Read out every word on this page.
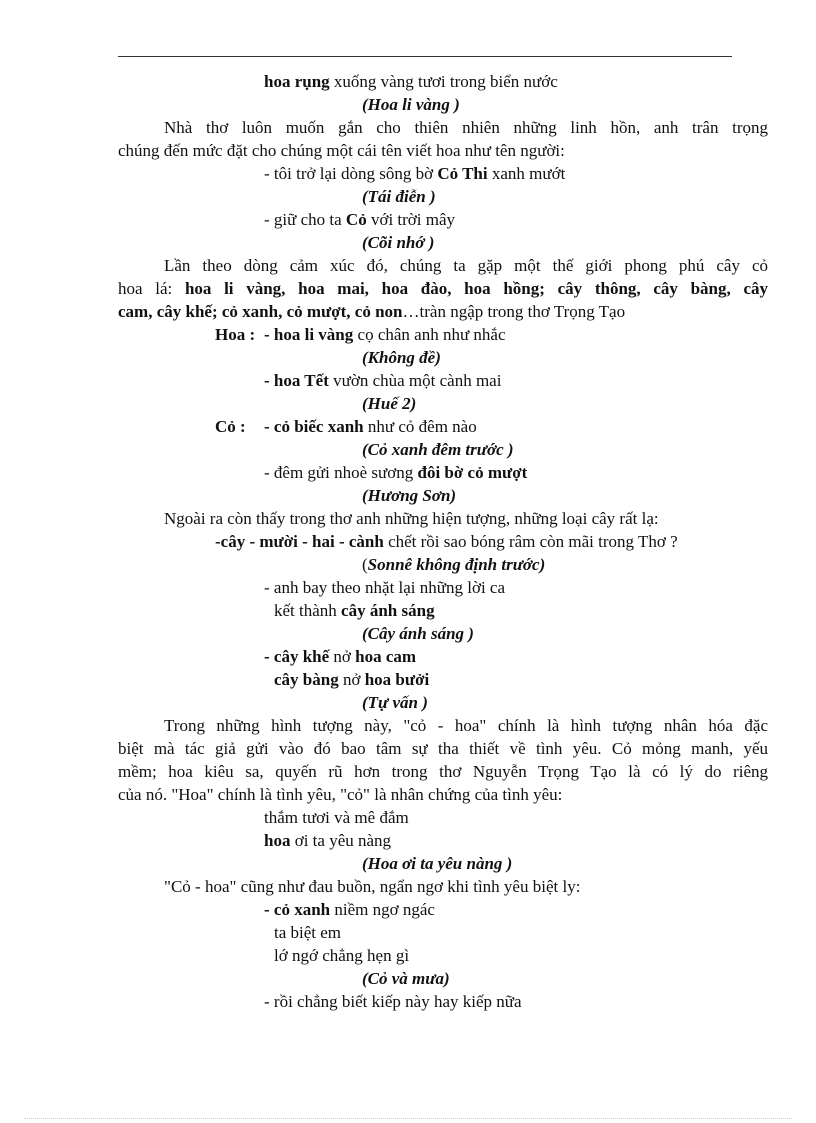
hoa rụng xuống vàng tươi trong biển nước
(Hoa li vàng )
Nhà thơ luôn muốn gắn cho thiên nhiên những linh hồn, anh trân trọng
chúng đến mức đặt cho chúng một cái tên viết hoa như tên người:
- tôi trở lại dòng sông bờ Cỏ Thi xanh mướt
(Tái điễn )
- giữ cho ta Cỏ với trời mây
(Cõi nhớ )
Lần theo dòng cảm xúc đó, chúng ta gặp một thế giới phong phú cây cỏ
hoa lá: hoa li vàng, hoa mai, hoa đào, hoa hồng; cây thông, cây bàng, cây
cam, cây khế; cỏ xanh, cỏ mượt, cỏ non…tràn ngập trong thơ Trọng Tạo
Hoa : - hoa li vàng cọ chân anh như nhắc
(Không đề)
- hoa Tết vườn chùa một cành mai
(Huế 2)
Cỏ : - cỏ biếc xanh như cỏ đêm nào
(Cỏ xanh đêm trước )
- đêm gửi nhoè sương đôi bờ cỏ mượt
(Hương Sơn)
Ngoài ra còn thấy trong thơ anh những hiện tượng, những loại cây rất lạ:
-cây - mười - hai - cành chết rồi sao bóng râm còn mãi trong Thơ ?
(Sonnê không định trước)
- anh bay theo nhặt lại những lời ca
kết thành cây ánh sáng
(Cây ánh sáng )
- cây khế nở hoa cam
cây bàng nở hoa bưởi
(Tự vấn )
Trong những hình tượng này, "cỏ - hoa" chính là hình tượng nhân hóa đặc
biệt mà tác giả gửi vào đó bao tâm sự tha thiết về tình yêu. Cỏ mỏng manh, yếu
mềm; hoa kiêu sa, quyến rũ hơn trong thơ Nguyễn Trọng Tạo là có lý do riêng
của nó. "Hoa" chính là tình yêu, "cỏ" là nhân chứng của tình yêu:
thắm tươi và mê đắm
hoa ơi ta yêu nàng
(Hoa ơi ta yêu nàng )
"Cỏ - hoa" cũng như đau buồn, ngẩn ngơ khi tình yêu biệt ly:
- cỏ xanh niềm ngơ ngác
ta biệt em
lớ ngớ chẳng hẹn gì
(Cỏ và mưa)
- rồi chẳng biết kiếp này hay kiếp nữa
